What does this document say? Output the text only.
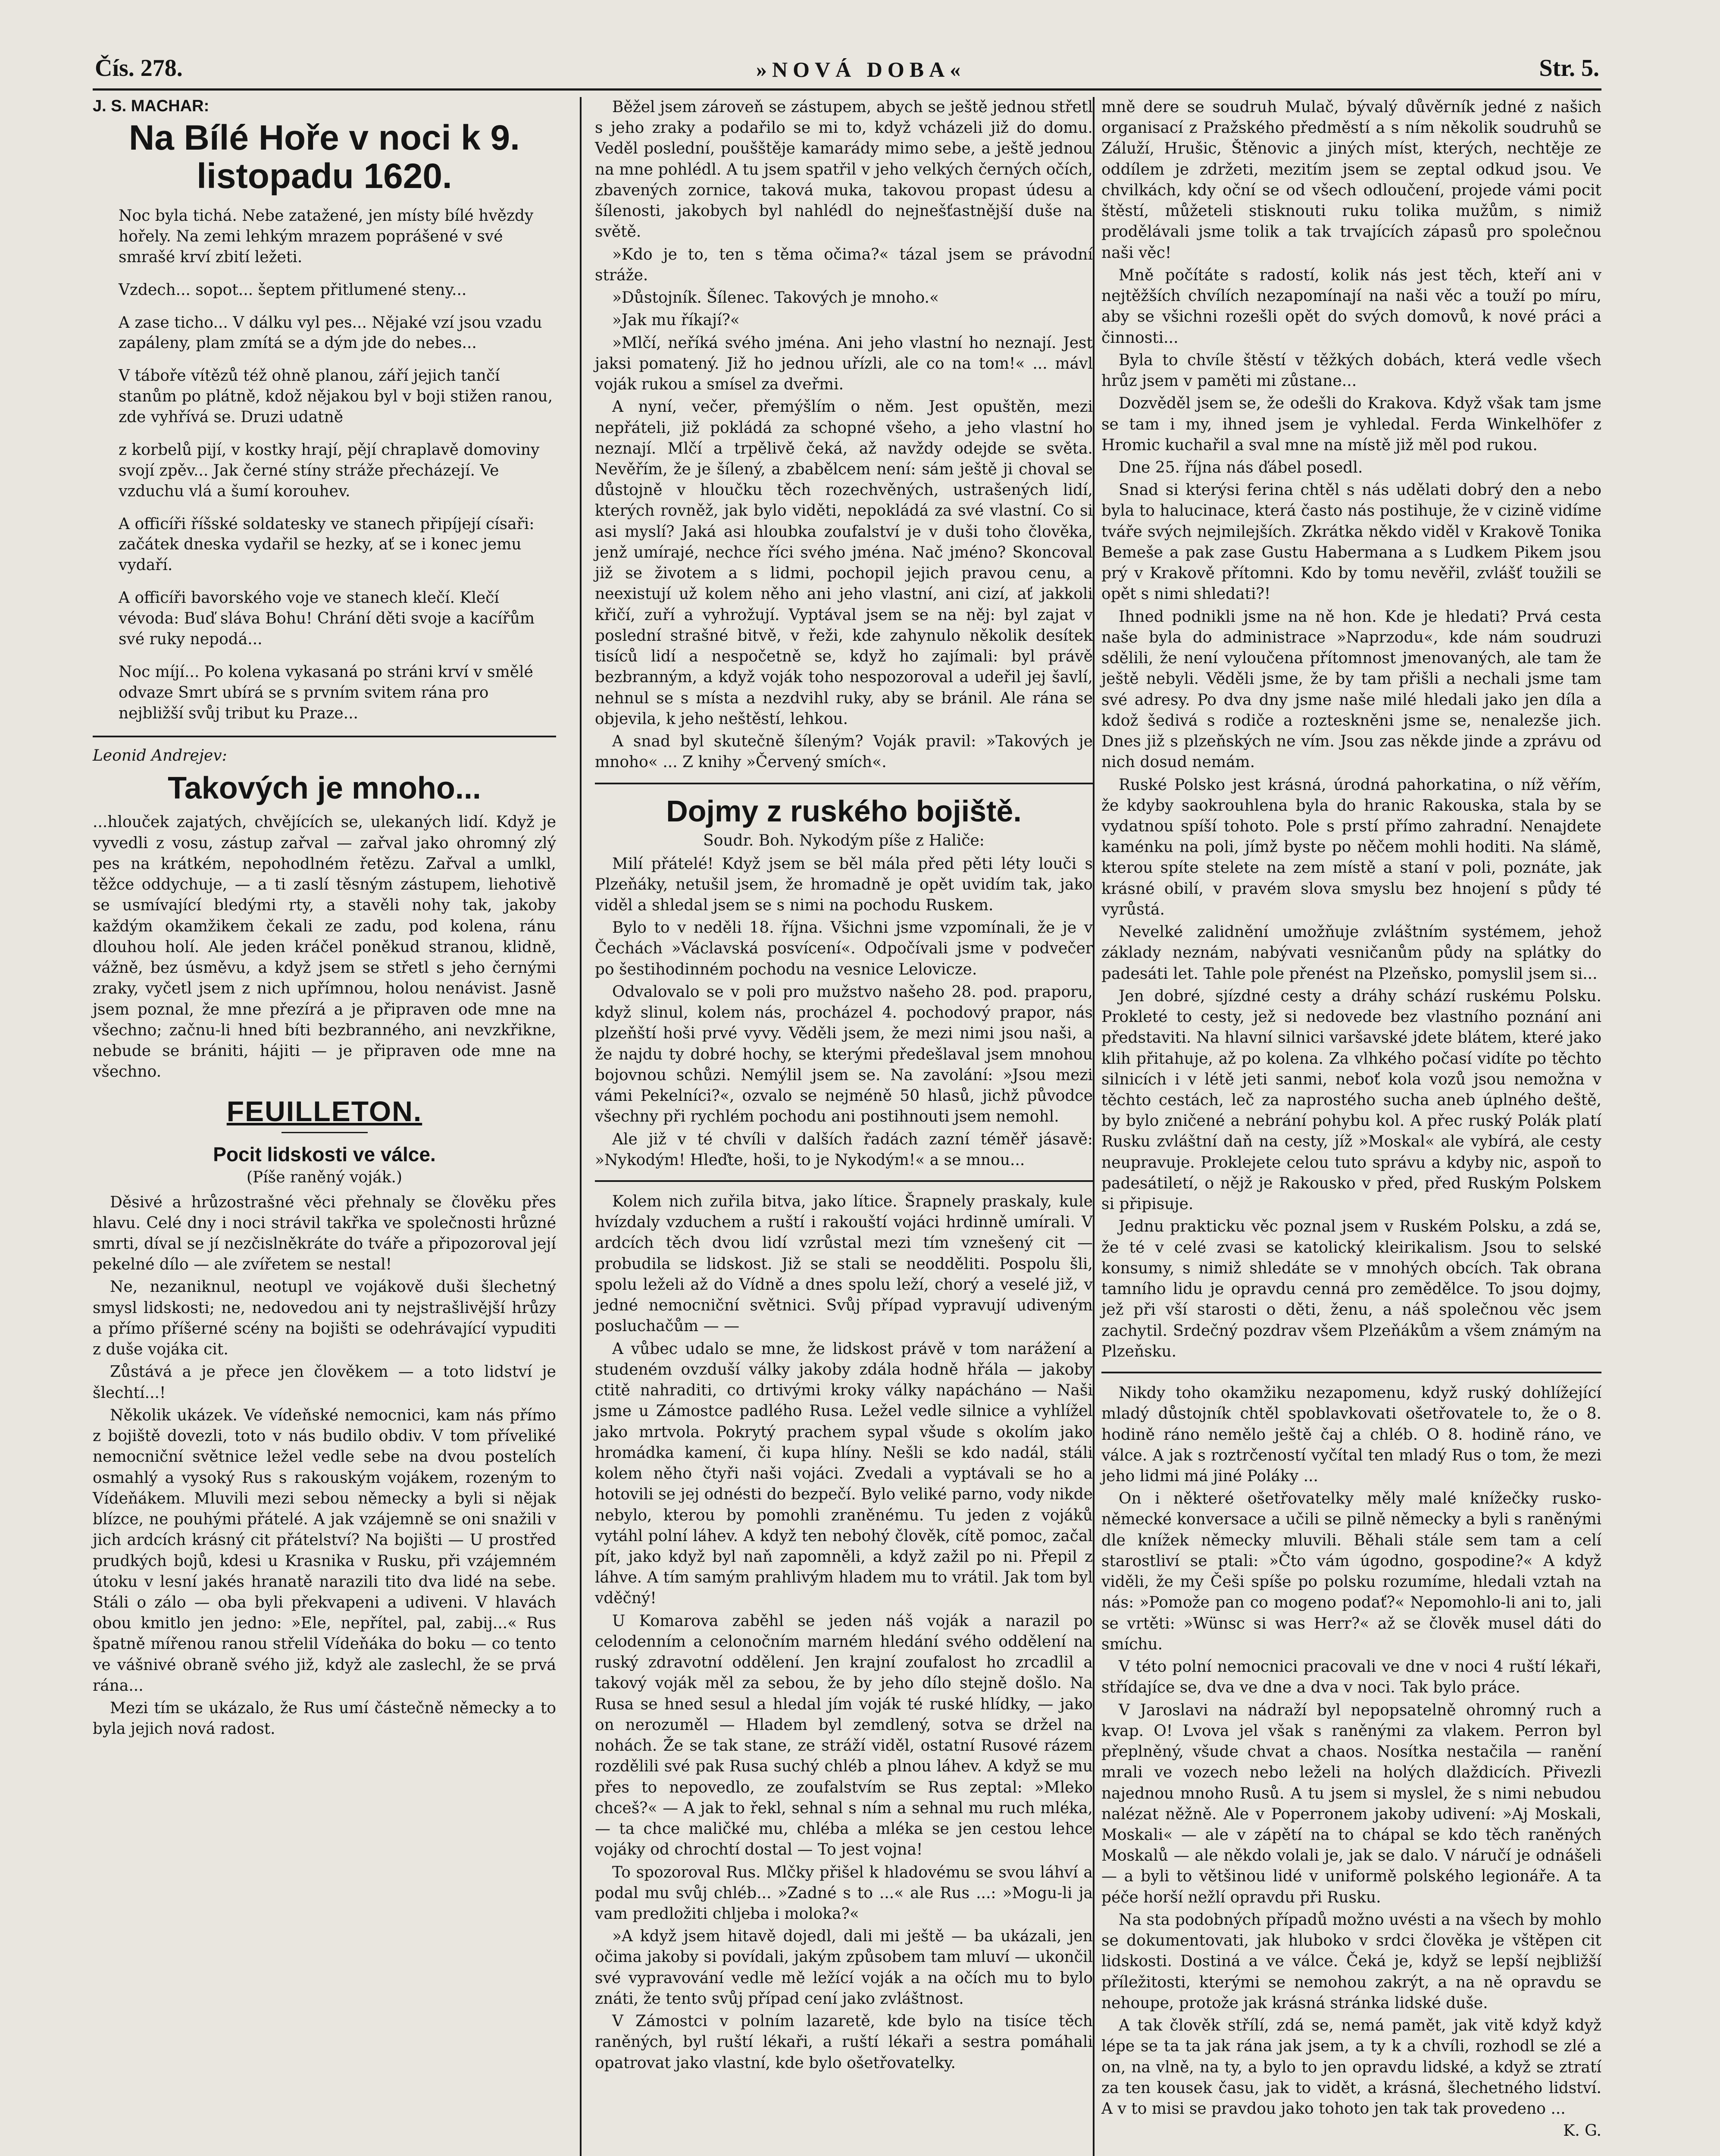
Čís. 278.	»NOVÁ DOBA«	Str. 5.
J. S. MACHAR:
Na Bílé Hoře v noci k 9. listopadu 1620.

Noc byla tichá. Nebe zatažené, jen místy bílé hvězdy hořely. Na zemi lehkým mrazem poprášené v své smrašé krví zbití ležeti.

Vzdech... sopot... šeptem přitlumené steny...

A zase ticho... V dálku vyl pes... Nějaké vzí jsou vzadu zapáleny, plam zmítá se a dým jde do nebes...

V táboře vítězů též ohně planou, září jejich tančí stanům po plátně, kdož nějakou byl v boji stižen ranou, zde vyhřívá se. Druzi udatně

z korbelů pijí, v kostky hrají, pějí chraplavě domoviny svojí zpěv... Jak černé stíny stráže přecházejí. Ve vzduchu vlá a šumí korouhev.

A officíři říšské soldatesky ve stanech připíjejí císaři: začátek dneska vydařil se hezky, ať se i konec jemu vydaří.

A officíři bavorského voje ve stanech klečí. Klečí vévoda: Buď sláva Bohu! Chrání děti svoje a kacířům své ruky nepodá...

Noc míjí... Po kolena vykasaná po stráni krví v smělé odvaze Smrt ubírá se s prvním svitem rána pro nejbližší svůj tribut ku Praze...

Leonid Andrejev:
Takových je mnoho...

...hlouček zajatých, chvějících se, ulekaných lidí. Když je vyvedli z vosu, zástup zařval — zařval jako ohromný zlý pes na krátkém, nepohodlném řetězu. Zařval a umlkl, těžce oddychuje, — a ti zaslí těsným zástupem, liehotivě se usmívající bledými rty, a stavěli nohy tak, jakoby každým okamžikem čekali ze zadu, pod kolena, ránu dlouhou holí. Ale jeden kráčel poněkud stranou, klidně, vážně, bez úsměvu, a když jsem se střetl s jeho černými zraky, vyčetl jsem z nich upřímnou, holou nenávist. Jasně jsem poznal, že mne přezírá a je připraven ode mne na všechno; začnu-li hned bíti bezbranného, ani nevzkřikne, nebude se brániti, hájiti — je připraven ode mne na všechno.

FEUILLETON.
Pocit lidskosti ve válce.
(Píše raněný voják.)

Děsivé a hrůzostrašné věci přehnaly se člověku přes hlavu. Celé dny i noci strávil takřka ve společnosti hrůzné smrti, díval se jí nezčislněkráte do tváře a připozoroval její pekelné dílo — ale zvířetem se nestal!

Ne, nezaniknul, neotupl ve vojákově duši šlechetný smysl lidskosti; ne, nedovedou ani ty nejstrašlivější hrůzy a přímo příšerné scény na bojišti se odehrávající vypuditi z duše vojáka cit.

Zůstává a je přece jen člověkem — a toto lidství je šlechtí...!

Několik ukázek. Ve vídeňské nemocnici, kam nás přímo z bojiště dovezli, toto v nás budilo obdiv. V tom příveliké nemocniční světnice ležel vedle sebe na dvou postelích osmahlý a vysoký Rus s rakouským vojákem, rozeným to Vídeňákem. Mluvili mezi sebou německy a byli si nějak blízce, ne pouhými přátelé. A jak vzájemně se oni snažili v jich ardcích krásný cit přátelství? Na bojišti — U prostřed prudkých bojů, kdesi u Krasnika v Rusku, při vzájemném útoku v lesní jakés hranatě narazili tito dva lidé na sebe. Stáli o zálo — oba byli překvapeni a udiveni. V hlavách obou kmitlo jen jedno: »Ele, nepřítel, pal, zabij...« Rus špatně mířenou ranou střelil Vídeňáka do boku — co tento ve vášnivé obraně svého již, když ale zaslechl, že se prvá rána...

Mezi tím se ukázalo, že Rus umí částečně německy a to byla jejich nová radost.

Běžel jsem zároveň se zástupem, abych se ještě jednou střetl s jeho zraky a podařilo se mi to, když vcházeli již do domu. Veděl poslední, poušštěje kamarády mimo sebe, a ještě jednou na mne pohlédl. A tu jsem spatřil v jeho velkých černých očích, zbavených zornice, taková muka, takovou propast údesu a šílenosti, jakobych byl nahlédl do nejnešťastnější duše na světě.

»Kdo je to, ten s těma očima?« tázal jsem se právodní stráže.

»Důstojník. Šílenec. Takových je mnoho.«

»Jak mu říkají?«

»Mlčí, neříká svého jména. Ani jeho vlastní ho neznají. Jest jaksi pomatený. Již ho jednou uřízli, ale co na tom!« ... mávl voják rukou a smísel za dveřmi.

A nyní, večer, přemýšlím o něm. Jest opuštěn, mezi nepřáteli, již pokládá za schopné všeho, a jeho vlastní ho neznají. Mlčí a trpělivě čeká, až navždy odejde se světa. Nevěřím, že je šílený, a zbabělcem není: sám ještě ji choval se důstojně v hloučku těch rozechvěných, ustrašených lidí, kterých rovněž, jak bylo viděti, nepokládá za své vlastní. Co si asi myslí? Jaká asi hloubka zoufalství je v duši toho člověka, jenž umírajé, nechce říci svého jména. Nač jméno? Skoncoval již se životem a s lidmi, pochopil jejich pravou cenu, a neexistují už kolem něho ani jeho vlastní, ani cizí, ať jakkoli křičí, zuří a vyhrožují. Vyptával jsem se na něj: byl zajat v poslední strašné bitvě, v řeži, kde zahynulo několik desítek tisíců lidí a nespočetně se, když ho zajímali: byl právě bezbranným, a když voják toho nespozoroval a udeřil jej šavlí, nehnul se s místa a nezdvihl ruky, aby se bránil. Ale rána se objevila, k jeho neštěstí, lehkou.

A snad byl skutečně šíleným? Voják pravil: »Takových je mnoho« ... Z knihy »Červený smích«.

Dojmy z ruského bojiště.
Soudr. Boh. Nykodým píše z Haliče:

Milí přátelé! Když jsem se běl mála před pěti léty louči s Plzeňáky, netušil jsem, že hromadně je opět uvidím tak, jako viděl a shledal jsem se s nimi na pochodu Ruskem.

Bylo to v neděli 18. října. Všichni jsme vzpomínali, že je v Čechách »Václavská posvícení«. Odpočívali jsme v podvečer po šestihodinném pochodu na vesnice Lelovicze.

Odvalovalo se v poli pro mužstvo našeho 28. pod. praporu, když slinul, kolem nás, procházel 4. pochodový prapor, nás plzeňští hoši prvé vyvy. Věděli jsem, že mezi nimi jsou naši, a že najdu ty dobré hochy, se kterými předešlaval jsem mnohou bojovnou schůzi. Nemýlil jsem se. Na zavolání: »Jsou mezi vámi Pekelníci?«, ozvalo se nejméně 50 hlasů, jichž původce všechny při rychlém pochodu ani postihnouti jsem nemohl.

Ale již v té chvíli v dalších řadách zazní téměř jásavě: »Nykodým! Hleďte, hoši, to je Nykodým!« a se mnou...

Kolem nich zuřila bitva, jako lítice. Šrapnely praskaly, kule hvízdaly vzduchem a ruští i rakouští vojáci hrdinně umírali. V ardcích těch dvou lidí vzrůstal mezi tím vznešený cit — probudila se lidskost. Již se stali se neodděliti. Pospolu šli, spolu leželi až do Vídně a dnes spolu leží, chorý a veselé již, v jedné nemocniční světnici. Svůj případ vypravují udiveným posluchačům — —

A vůbec udalo se mne, že lidskost právě v tom narážení a studeném ovzduší války jakoby zdála hodně hřála — jakoby ctitě nahraditi, co drtivými kroky války napácháno — Naši jsme u Zámostce padlého Rusa. Ležel vedle silnice a vyhlížel jako mrtvola. Pokrytý prachem sypal všude s okolím jako hromádka kamení, či kupa hlíny. Nešli se kdo nadál, stáli kolem něho čtyři naši vojáci. Zvedali a vyptávali se ho a hotovili se jej odnésti do bezpečí. Bylo veliké parno, vody nikde nebylo, kterou by pomohli zraněnému. Tu jeden z vojáků vytáhl polní láhev. A když ten nebohý člověk, cítě pomoc, začal pít, jako když byl naň zapomněli, a když zažil po ni. Přepil z láhve. A tím samým prahlivým hladem mu to vrátil. Jak tom byl vděčný!

U Komarova zaběhl se jeden náš voják a narazil po celodenním a celonočním marném hledání svého oddělení na ruský zdravotní oddělení. Jen krajní zoufalost ho zrcadlil a takový voják měl za sebou, že by jeho dílo stejně došlo. Na Rusa se hned sesul a hledal jím voják té ruské hlídky, — jako on nerozuměl — Hladem byl zemdlený, sotva se držel na nohách. Že se tak stane, ze stráží viděl, ostatní Rusové rázem rozdělili své pak Rusa suchý chléb a plnou láhev. A když se mu přes to nepovedlo, ze zoufalstvím se Rus zeptal: »Mleko chceš?« — A jak to řekl, sehnal s ním a sehnal mu ruch mléka, — ta chce maličké mu, chléba a mléka se jen cestou lehce vojáky od chrochtí dostal — To jest vojna!

To spozoroval Rus. Mlčky přišel k hladovému se svou láhví a podal mu svůj chléb... »Zadné s to ...« ale Rus ...: »Mogu-li ja vam predložiti chljeba i moloka?«

»A když jsem hitavě dojedl, dali mi ještě — ba ukázali, jen očima jakoby si povídali, jakým způsobem tam mluví — ukončil své vypravování vedle mě ležící voják a na očích mu to bylo znáti, že tento svůj případ cení jako zvláštnost.

V Zámostci v polním lazaretě, kde bylo na tisíce těch raněných, byl ruští lékaři, a ruští lékaři a sestra pomáhali opatrovat jako vlastní, kde bylo ošetřovatelky.

mně dere se soudruh Mulač, bývalý důvěrník jedné z našich organisací z Pražského předměstí a s ním několik soudruhů se Záluží, Hrušic, Štěnovic a jiných míst, kterých, nechtěje ze oddílem je zdržeti, mezitím jsem se zeptal odkud jsou. Ve chvilkách, kdy oční se od všech odloučení, projede vámi pocit štěstí, můžeteli stisknouti ruku tolika mužům, s nimiž prodělávali jsme tolik a tak trvajících zápasů pro společnou naši věc!

Mně počítáte s radostí, kolik nás jest těch, kteří ani v nejtěžších chvílích nezapomínají na naši věc a touží po míru, aby se všichni rozešli opět do svých domovů, k nové práci a činnosti...

Byla to chvíle štěstí v těžkých dobách, která vedle všech hrůz jsem v paměti mi zůstane...

Dozvěděl jsem se, že odešli do Krakova. Když však tam jsme se tam i my, ihned jsem je vyhledal. Ferda Winkelhöfer z Hromic kuchařil a sval mne na místě již měl pod rukou.

Dne 25. října nás ďábel posedl.

Snad si kterýsi ferina chtěl s nás udělati dobrý den a nebo byla to halucinace, která často nás postihuje, že v cizině vidíme tváře svých nejmilejších. Zkrátka někdo viděl v Krakově Tonika Bemeše a pak zase Gustu Habermana a s Ludkem Pikem jsou prý v Krakově přítomni. Kdo by tomu nevěřil, zvlášť toužili se opět s nimi shledati?!

Ihned podnikli jsme na ně hon. Kde je hledati? Prvá cesta naše byla do administrace »Naprzodu«, kde nám soudruzi sdělili, že není vyloučena přítomnost jmenovaných, ale tam že ještě nebyli. Věděli jsme, že by tam přišli a nechali jsme tam své adresy. Po dva dny jsme naše milé hledali jako jen díla a kdož šedivá s rodiče a rozteskněni jsme se, nenalezše jich. Dnes již s plzeňských ne vím. Jsou zas někde jinde a zprávu od nich dosud nemám.

Ruské Polsko jest krásná, úrodná pahorkatina, o níž věřím, že kdyby saokrouhlena byla do hranic Rakouska, stala by se vydatnou spíší tohoto. Pole s prstí přímo zahradní. Nenajdete kaménku na poli, jímž byste po něčem mohli hoditi. Na slámě, kterou spíte stelete na zem místě a staní v poli, poznáte, jak krásné obilí, v pravém slova smyslu bez hnojení s půdy té vyrůstá.

Nevelké zalidnění umožňuje zvláštním systémem, jehož základy neznám, nabývati vesničanům půdy na splátky do padesáti let. Tahle pole přenést na Plzeňsko, pomyslil jsem si...

Jen dobré, sjízdné cesty a dráhy schází ruskému Polsku. Prokleté to cesty, jež si nedovede bez vlastního poznání ani představiti. Na hlavní silnici varšavské jdete blátem, které jako klih přitahuje, až po kolena. Za vlhkého počasí vidíte po těchto silnicích i v létě jeti sanmi, neboť kola vozů jsou nemožna v těchto cestách, leč za naprostého sucha aneb úplného deště, by bylo zničené a nebrání pohybu kol. A přec ruský Polák platí Rusku zvláštní daň na cesty, jíž »Moskal« ale vybírá, ale cesty neupravuje. Proklejete celou tuto správu a kdyby nic, aspoň to padesátiletí, o nějž je Rakousko v před, před Ruským Polskem si připisuje.

Jednu prakticku věc poznal jsem v Ruském Polsku, a zdá se, že té v celé zvasi se katolický kleirikalism. Jsou to selské konsumy, s nimiž shledáte se v mnohých obcích. Tak obrana tamního lidu je opravdu cenná pro zemědělce. To jsou dojmy, jež při vší starosti o děti, ženu, a náš společnou věc jsem zachytil. Srdečný pozdrav všem Plzeňákům a všem známým na Plzeňsku.

Nikdy toho okamžiku nezapomenu, když ruský dohlížející mladý důstojník chtěl spoblavkovati ošetřovatele to, že o 8. hodině ráno nemělo ještě čaj a chléb. O 8. hodině ráno, ve válce. A jak s roztrčeností vyčítal ten mladý Rus o tom, že mezi jeho lidmi má jiné Poláky ...

On i některé ošetřovatelky měly malé knížečky rusko-německé konversace a učili se pilně německy a byli s raněnými dle knížek německy mluvili. Běhali stále sem tam a celí starostliví se ptali: »Čto vám úgodno, gospodine?« A když viděli, že my Češi spíše po polsku rozumíme, hledali vztah na nás: »Pomože pan co mogeno podať?« Nepomohlo-li ani to, jali se vrtěti: »Wünsc si was Herr?« až se člověk musel dáti do smíchu.

V této polní nemocnici pracovali ve dne v noci 4 ruští lékaři, střídajíce se, dva ve dne a dva v noci. Tak bylo práce.

V Jaroslavi na nádraží byl nepopsatelně ohromný ruch a kvap. O! Lvova jel však s raněnými za vlakem. Perron byl přeplněný, všude chvat a chaos. Nosítka nestačila — ranění mrali ve vozech nebo leželi na holých dlaždicích. Přivezli najednou mnoho Rusů. A tu jsem si myslel, že s nimi nebudou nalézat něžně. Ale v Poperronem jakoby udivení: »Aj Moskali, Moskali« — ale v zápětí na to chápal se kdo těch raněných Moskalů — ale někdo volali je, jak se dalo. V náručí je odnášeli — a byli to většinou lidé v uniformě polského legionáře. A ta péče horší nežlí opravdu při Rusku.

Na sta podobných případů možno uvésti a na všech by mohlo se dokumentovati, jak hluboko v srdci člověka je vštěpen cit lidskosti. Dostiná a ve válce. Čeká je, když se lepší nejbližší příležitosti, kterými se nemohou zakrýt, a na ně opravdu se nehoupe, protože jak krásná stránka lidské duše.

A tak člověk střílí, zdá se, nemá pamět, jak vitě když když lépe se ta ta jak rána jak jsem, a ty k a chvíli, rozhodl se zlé a on, na vlně, na ty, a bylo to jen opravdu lidské, a když se ztratí za ten kousek času, jak to vidět, a krásná, šlechetného lidství. A v to misi se pravdou jako tohoto jen tak tak provedeno ...

K. G.
